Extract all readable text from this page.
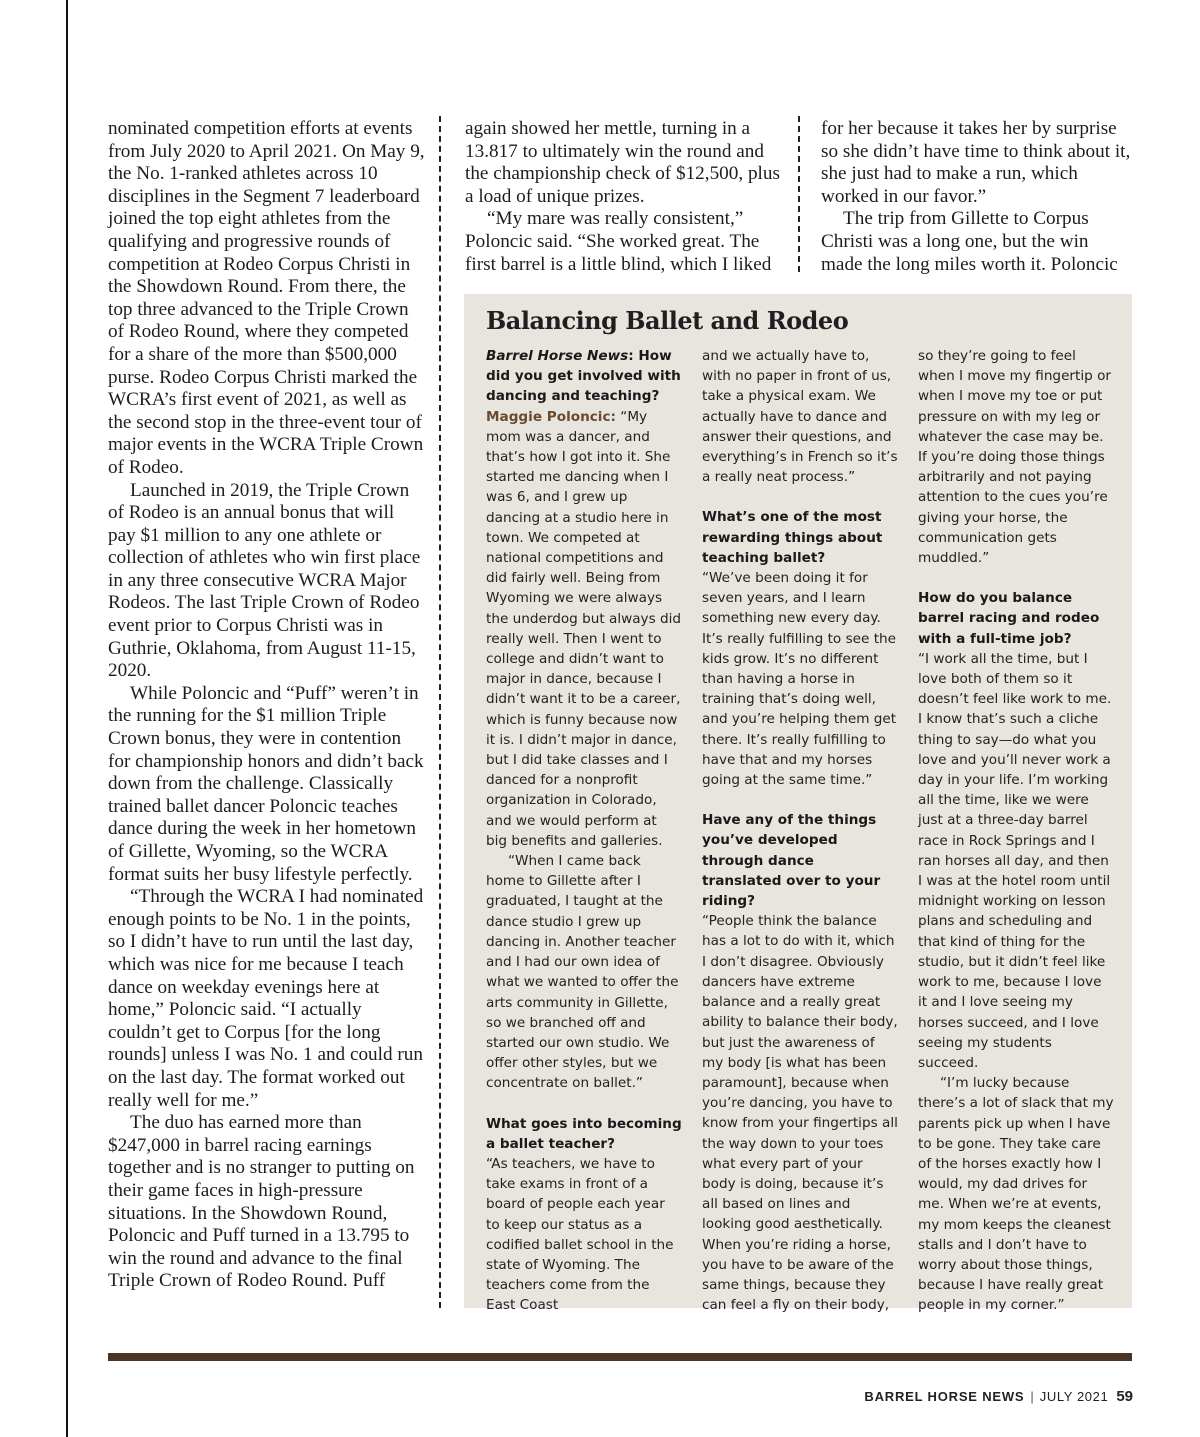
nominated competition efforts at events from July 2020 to April 2021. On May 9, the No. 1-ranked athletes across 10 disciplines in the Segment 7 leaderboard joined the top eight athletes from the qualifying and progressive rounds of competition at Rodeo Corpus Christi in the Showdown Round. From there, the top three advanced to the Triple Crown of Rodeo Round, where they competed for a share of the more than $500,000 purse. Rodeo Corpus Christi marked the WCRA’s first event of 2021, as well as the second stop in the three-event tour of major events in the WCRA Triple Crown of Rodeo.

Launched in 2019, the Triple Crown of Rodeo is an annual bonus that will pay $1 million to any one athlete or collection of athletes who win first place in any three consecutive WCRA Major Rodeos. The last Triple Crown of Rodeo event prior to Corpus Christi was in Guthrie, Oklahoma, from August 11-15, 2020.

While Poloncic and “Puff” weren’t in the running for the $1 million Triple Crown bonus, they were in contention for championship honors and didn’t back down from the challenge. Classically trained ballet dancer Poloncic teaches dance during the week in her hometown of Gillette, Wyoming, so the WCRA format suits her busy lifestyle perfectly.

“Through the WCRA I had nominated enough points to be No. 1 in the points, so I didn’t have to run until the last day, which was nice for me because I teach dance on weekday evenings here at home,” Poloncic said. “I actually couldn’t get to Corpus [for the long rounds] unless I was No. 1 and could run on the last day. The format worked out really well for me.”

The duo has earned more than $247,000 in barrel racing earnings together and is no stranger to putting on their game faces in high-pressure situations. In the Showdown Round, Poloncic and Puff turned in a 13.795 to win the round and advance to the final Triple Crown of Rodeo Round. Puff

again showed her mettle, turning in a 13.817 to ultimately win the round and the championship check of $12,500, plus a load of unique prizes.

“My mare was really consistent,” Poloncic said. “She worked great. The first barrel is a little blind, which I liked

for her because it takes her by surprise so she didn’t have time to think about it, she just had to make a run, which worked in our favor.”

The trip from Gillette to Corpus Christi was a long one, but the win made the long miles worth it. Poloncic

Balancing Ballet and Rodeo

Barrel Horse News: How did you get involved with dancing and teaching?
Maggie Poloncic: “My mom was a dancer, and that’s how I got into it. She started me dancing when I was 6, and I grew up dancing at a studio here in town. We competed at national competitions and did fairly well. Being from Wyoming we were always the underdog but always did really well. Then I went to college and didn’t want to major in dance, because I didn’t want it to be a career, which is funny because now it is. I didn’t major in dance, but I did take classes and I danced for a nonprofit organization in Colorado, and we would perform at big benefits and galleries.

“When I came back home to Gillette after I graduated, I taught at the dance studio I grew up dancing in. Another teacher and I had our own idea of what we wanted to offer the arts community in Gillette, so we branched off and started our own studio. We offer other styles, but we concentrate on ballet.”

What goes into becoming a ballet teacher?

“As teachers, we have to take exams in front of a board of people each year to keep our status as a codified ballet school in the state of Wyoming. The teachers come from the East Coast

and we actually have to, with no paper in front of us, take a physical exam. We actually have to dance and answer their questions, and everything’s in French so it’s a really neat process.”

What’s one of the most rewarding things about teaching ballet?

“We’ve been doing it for seven years, and I learn something new every day. It’s really fulfilling to see the kids grow. It’s no different than having a horse in training that’s doing well, and you’re helping them get there. It’s really fulfilling to have that and my horses going at the same time.”

Have any of the things you’ve developed through dance translated over to your riding?

“People think the balance has a lot to do with it, which I don’t disagree. Obviously dancers have extreme balance and a really great ability to balance their body, but just the awareness of my body [is what has been paramount], because when you’re dancing, you have to know from your fingertips all the way down to your toes what every part of your body is doing, because it’s all based on lines and looking good aesthetically. When you’re riding a horse, you have to be aware of the same things, because they can feel a fly on their body,

so they’re going to feel when I move my fingertip or when I move my toe or put pressure on with my leg or whatever the case may be. If you’re doing those things arbitrarily and not paying attention to the cues you’re giving your horse, the communication gets muddled.”

How do you balance barrel racing and rodeo with a full-time job?

“I work all the time, but I love both of them so it doesn’t feel like work to me. I know that’s such a cliche thing to say—do what you love and you’ll never work a day in your life. I’m working all the time, like we were just at a three-day barrel race in Rock Springs and I ran horses all day, and then I was at the hotel room until midnight working on lesson plans and scheduling and that kind of thing for the studio, but it didn’t feel like work to me, because I love it and I love seeing my horses succeed, and I love seeing my students succeed.

“I’m lucky because there’s a lot of slack that my parents pick up when I have to be gone. They take care of the horses exactly how I would, my dad drives for me. When we’re at events, my mom keeps the cleanest stalls and I don’t have to worry about those things, because I have really great people in my corner.”

BARREL HORSE NEWS | JULY 2021 59
